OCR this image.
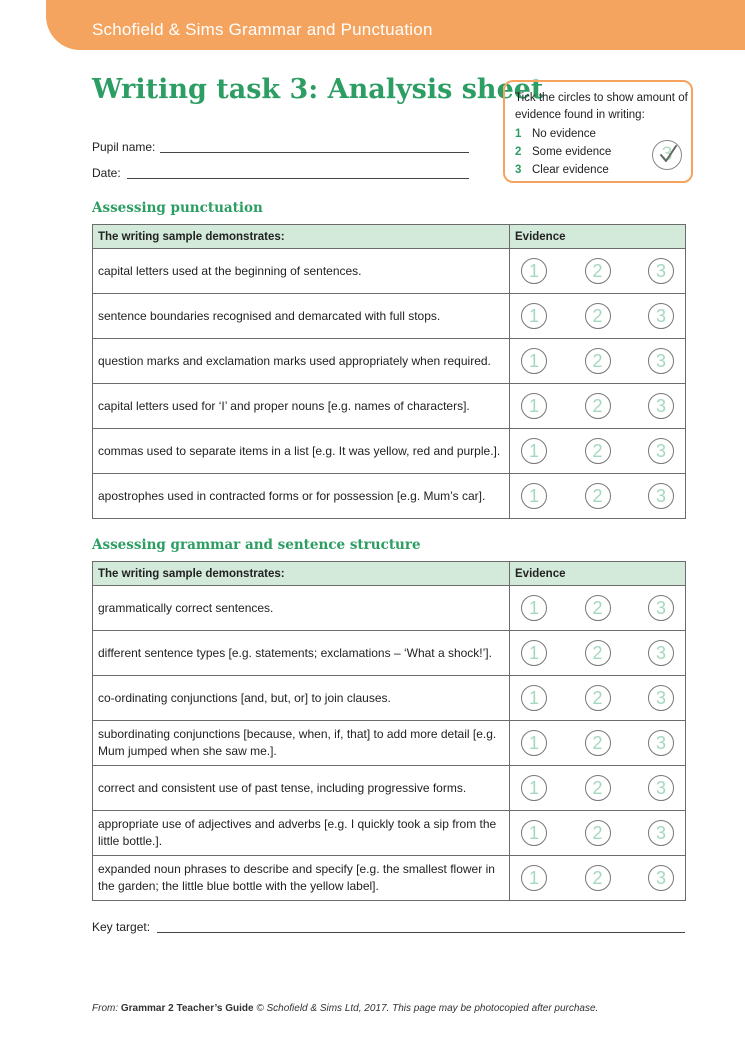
Schofield & Sims Grammar and Punctuation
Writing task 3: Analysis sheet
Tick the circles to show amount of evidence found in writing:
1 No evidence
2 Some evidence
3 Clear evidence
3
Pupil name:
Date:
Assessing punctuation
The writing sample demonstrates:	Evidence
capital letters used at the beginning of sentences.	1 2 3

sentence boundaries recognised and demarcated with full stops.	1 2 3

question marks and exclamation marks used appropriately when required.	1 2 3

capital letters used for ‘I’ and proper nouns [e.g. names of characters].	1 2 3

commas used to separate items in a list [e.g. It was yellow, red and purple.].	1 2 3

apostrophes used in contracted forms or for possession [e.g. Mum’s car].	1 2 3
Assessing grammar and sentence structure
The writing sample demonstrates:	Evidence
grammatically correct sentences.	1 2 3

different sentence types [e.g. statements; exclamations – ‘What a shock!’].	1 2 3

co-ordinating conjunctions [and, but, or] to join clauses.	1 2 3

subordinating conjunctions [because, when, if, that] to add more detail [e.g. Mum jumped when she saw me.].	1 2 3

correct and consistent use of past tense, including progressive forms.	1 2 3

appropriate use of adjectives and adverbs [e.g. I quickly took a sip from the little bottle.].	1 2 3

expanded noun phrases to describe and specify [e.g. the smallest flower in the garden; the little blue bottle with the yellow label].	1 2 3
Key target:
From: Grammar 2 Teacher’s Guide © Schofield & Sims Ltd, 2017. This page may be photocopied after purchase.
